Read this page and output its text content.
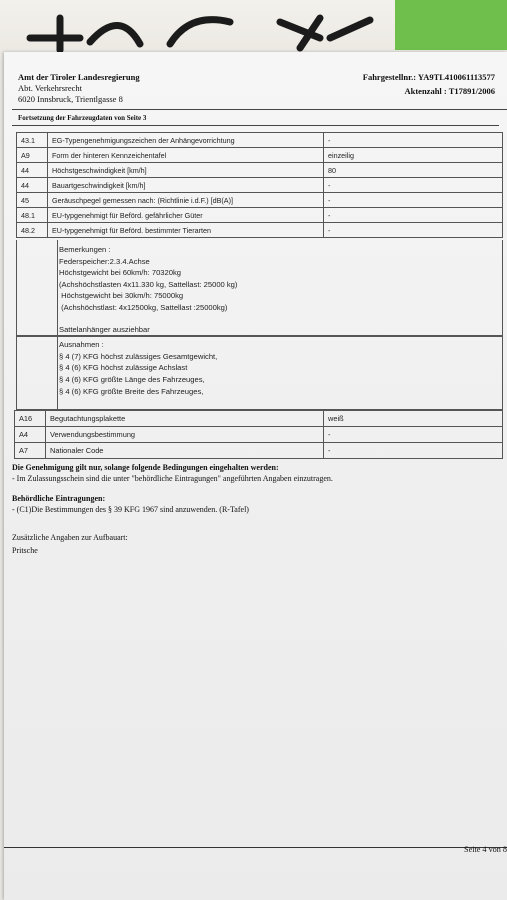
Amt der Tiroler Landesregierung
Abt. Verkehrsrecht
6020 Innsbruck, Trientlgasse 8
Fahrgestellnr.: YA9TL410061113577
Aktenzahl : T17891/2006
Fortsetzung der Fahrzeugdaten von Seite 3
43.1	EG-Typengenehmigungszeichen der Anhängevorrichtung	-
A9	Form der hinteren Kennzeichentafel	einzeilig
44	Höchstgeschwindigkeit [km/h]	80
44	Bauartgeschwindigkeit [km/h]	-
45	Geräuschpegel gemessen nach: (Richtlinie i.d.F.) [dB(A)]	-
48.1	EU-typgenehmigt für Beförd. gefährlicher Güter	-
48.2	EU-typgenehmigt für Beförd. bestimmter Tierarten	-
Bemerkungen :
Federspeicher:2.3.4.Achse
Höchstgewicht bei 60km/h: 70320kg
(Achshöchstlasten 4x11.330 kg, Sattellast: 25000 kg)
Höchstgewicht bei 30km/h: 75000kg
(Achshöchstlast: 4x12500kg, Sattellast :25000kg)
Sattelanhänger ausziehbar
Ausnahmen :
§ 4 (7) KFG höchst zulässiges Gesamtgewicht,
§ 4 (6) KFG höchst zulässige Achslast
§ 4 (6) KFG größte Länge des Fahrzeuges,
§ 4 (6) KFG größte Breite des Fahrzeuges,
A16	Begutachtungsplakette	weiß
A4	Verwendungsbestimmung	-
A7	Nationaler Code	-
Die Genehmigung gilt nur, solange folgende Bedingungen eingehalten werden:
- Im Zulassungsschein sind die unter "behördliche Eintragungen" angeführten Angaben einzutragen.
Behördliche Eintragungen:
- (C1)Die Bestimmungen des § 39 KFG 1967 sind anzuwenden. (R-Tafel)
Zusätzliche Angaben zur Aufbauart:
Pritsche
Seite 4 von 8
